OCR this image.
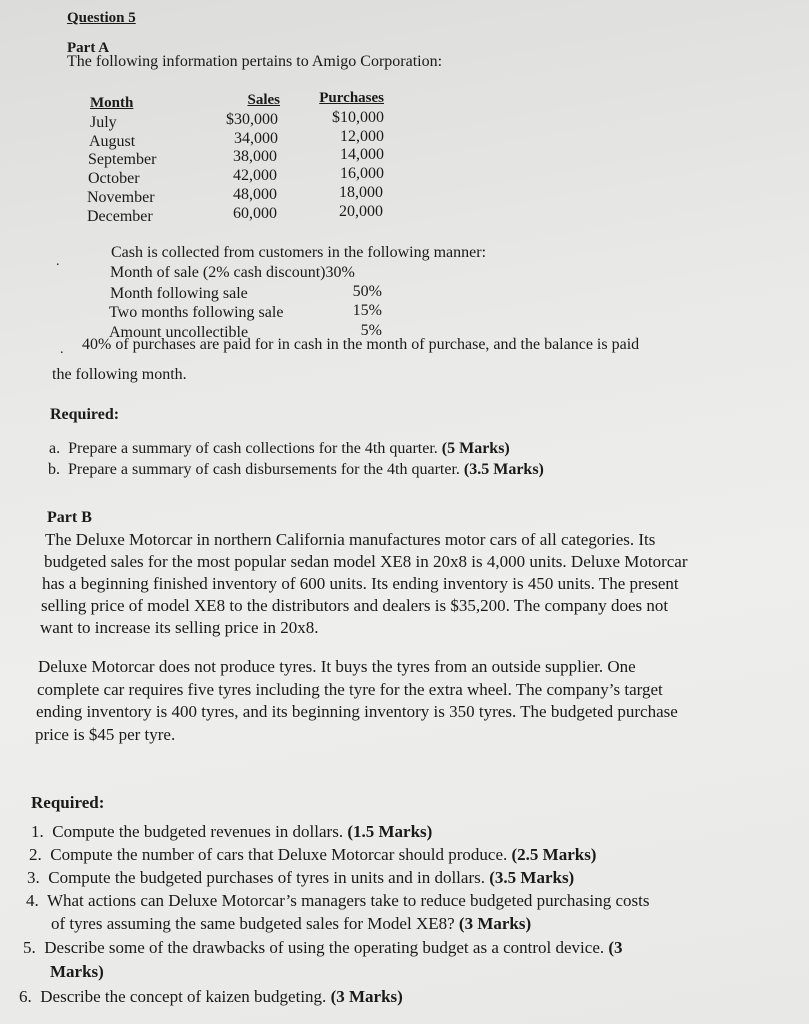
Question 5
Part A
The following information pertains to Amigo Corporation:
Month	Sales	Purchases
July	$30,000	$10,000
August	34,000	12,000
September	38,000	14,000
October	42,000	16,000
November	48,000	18,000
December	60,000	20,000
.
Cash is collected from customers in the following manner:
Month of sale (2% cash discount)30%
Month following sale	50%
Two months following sale	15%
Amount uncollectible	5%
. 40% of purchases are paid for in cash in the month of purchase, and the balance is paid
the following month.
Required:
a. Prepare a summary of cash collections for the 4th quarter. (5 Marks)
b. Prepare a summary of cash disbursements for the 4th quarter. (3.5 Marks)
Part B
The Deluxe Motorcar in northern California manufactures motor cars of all categories. Its
budgeted sales for the most popular sedan model XE8 in 20x8 is 4,000 units. Deluxe Motorcar
has a beginning finished inventory of 600 units. Its ending inventory is 450 units. The present
selling price of model XE8 to the distributors and dealers is $35,200. The company does not
want to increase its selling price in 20x8.
Deluxe Motorcar does not produce tyres. It buys the tyres from an outside supplier. One
complete car requires five tyres including the tyre for the extra wheel. The company’s target
ending inventory is 400 tyres, and its beginning inventory is 350 tyres. The budgeted purchase
price is $45 per tyre.
Required:
1. Compute the budgeted revenues in dollars. (1.5 Marks)
2. Compute the number of cars that Deluxe Motorcar should produce. (2.5 Marks)
3. Compute the budgeted purchases of tyres in units and in dollars. (3.5 Marks)
4. What actions can Deluxe Motorcar’s managers take to reduce budgeted purchasing costs
of tyres assuming the same budgeted sales for Model XE8? (3 Marks)
5. Describe some of the drawbacks of using the operating budget as a control device. (3
Marks)
6. Describe the concept of kaizen budgeting. (3 Marks)
